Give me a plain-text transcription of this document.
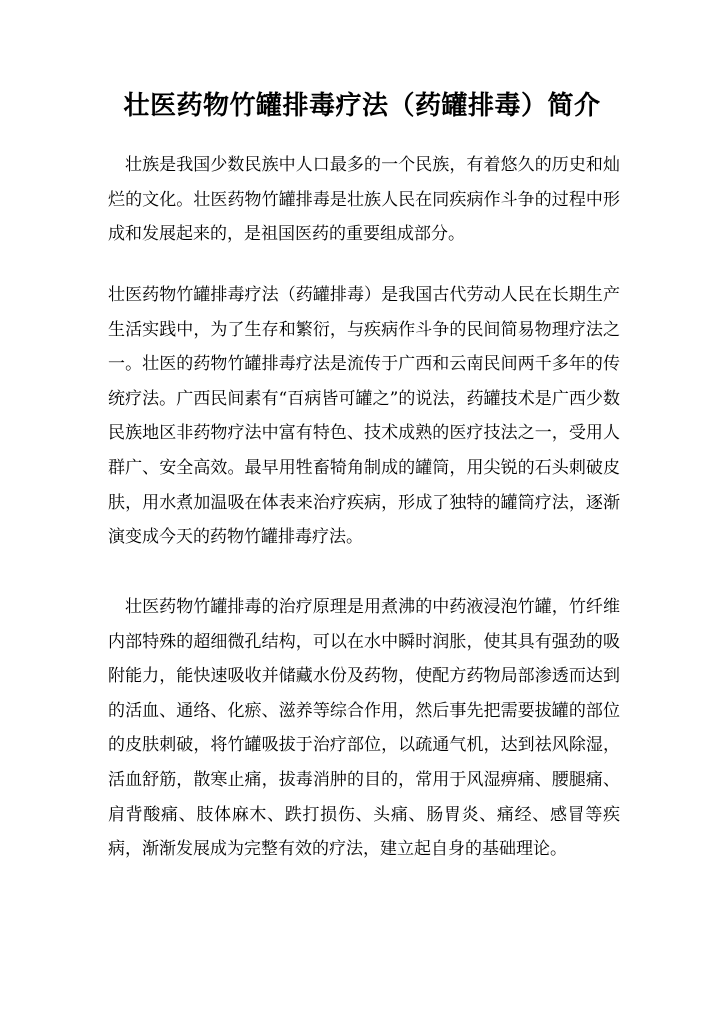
壮医药物竹罐排毒疗法（药罐排毒）简介

壮族是我国少数民族中人口最多的一个民族，有着悠久的历史和灿烂的文化。壮医药物竹罐排毒是壮族人民在同疾病作斗争的过程中形成和发展起来的，是祖国医药的重要组成部分。

壮医药物竹罐排毒疗法（药罐排毒）是我国古代劳动人民在长期生产生活实践中，为了生存和繁衍，与疾病作斗争的民间简易物理疗法之一。壮医的药物竹罐排毒疗法是流传于广西和云南民间两千多年的传统疗法。广西民间素有“百病皆可罐之”的说法，药罐技术是广西少数民族地区非药物疗法中富有特色、技术成熟的医疗技法之一，受用人群广、安全高效。最早用牲畜犄角制成的罐筒，用尖锐的石头刺破皮肤，用水煮加温吸在体表来治疗疾病，形成了独特的罐筒疗法，逐渐演变成今天的药物竹罐排毒疗法。

壮医药物竹罐排毒的治疗原理是用煮沸的中药液浸泡竹罐，竹纤维内部特殊的超细微孔结构，可以在水中瞬时润胀，使其具有强劲的吸附能力，能快速吸收并储藏水份及药物，使配方药物局部渗透而达到的活血、通络、化瘀、滋养等综合作用，然后事先把需要拔罐的部位的皮肤刺破，将竹罐吸拔于治疗部位，以疏通气机，达到祛风除湿，活血舒筋，散寒止痛，拔毒消肿的目的，常用于风湿痹痛、腰腿痛、肩背酸痛、肢体麻木、跌打损伤、头痛、肠胃炎、痛经、感冒等疾病，渐渐发展成为完整有效的疗法，建立起自身的基础理论。
